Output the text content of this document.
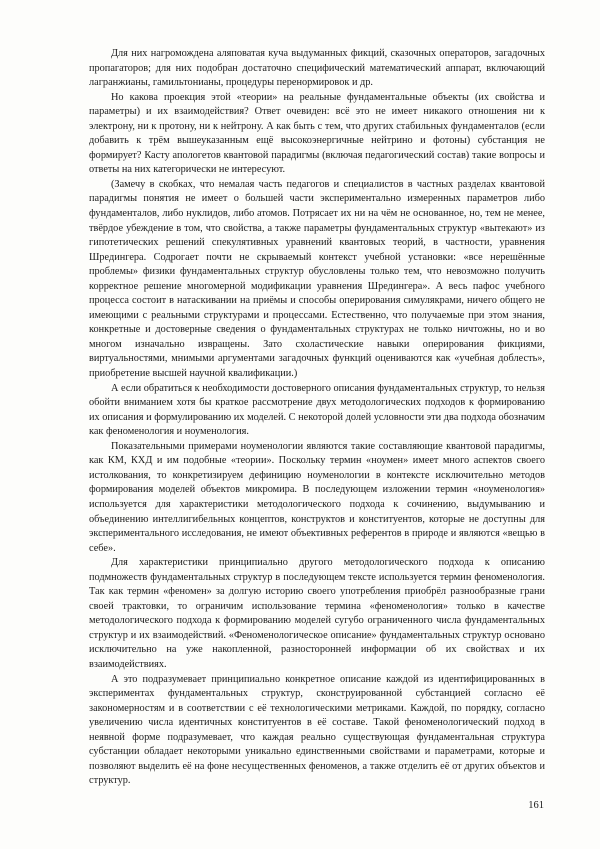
Для них нагромождена аляповатая куча выдуманных фикций, сказочных операторов, загадочных пропагаторов; для них подобран достаточно специфический математический аппарат, включающий лагранжианы, гамильтонианы, процедуры перенормировок и др.

Но какова проекция этой «теории» на реальные фундаментальные объекты (их свойства и параметры) и их взаимодействия? Ответ очевиден: всё это не имеет никакого отношения ни к электрону, ни к протону, ни к нейтрону. А как быть с тем, что других стабильных фундаменталов (если добавить к трём вышеуказанным ещё высокоэнергичные нейтрино и фотоны) субстанция не формирует? Касту апологетов квантовой парадигмы (включая педагогический состав) такие вопросы и ответы на них категорически не интересуют.

(Замечу в скобках, что немалая часть педагогов и специалистов в частных разделах квантовой парадигмы понятия не имеет о большей части экспериментально измеренных параметров либо фундаменталов, либо нуклидов, либо атомов. Потрясает их ни на чём не основанное, но, тем не менее, твёрдое убеждение в том, что свойства, а также параметры фундаментальных структур «вытекают» из гипотетических решений спекулятивных уравнений квантовых теорий, в частности, уравнения Шредингера. Содрогает почти не скрываемый контекст учебной установки: «все нерешённые проблемы» физики фундаментальных структур обусловлены только тем, что невозможно получить корректное решение многомерной модификации уравнения Шредингера». А весь пафос учебного процесса состоит в натаскивании на приёмы и способы оперирования симулякрами, ничего общего не имеющими с реальными структурами и процессами. Естественно, что получаемые при этом знания, конкретные и достоверные сведения о фундаментальных структурах не только ничтожны, но и во многом изначально извращены. Зато схоластические навыки оперирования фикциями, виртуальностями, мнимыми аргументами загадочных функций оцениваются как «учебная доблесть», приобретение высшей научной квалификации.)

А если обратиться к необходимости достоверного описания фундаментальных структур, то нельзя обойти вниманием хотя бы краткое рассмотрение двух методологических подходов к формированию их описания и формулированию их моделей. С некоторой долей условности эти два подхода обозначим как феноменология и ноуменология.

Показательными примерами ноуменологии являются такие составляющие квантовой парадигмы, как КМ, КХД и им подобные «теории». Поскольку термин «ноумен» имеет много аспектов своего истолкования, то конкретизируем дефиницию ноуменологии в контексте исключительно методов формирования моделей объектов микромира. В последующем изложении термин «ноуменология» используется для характеристики методологического подхода к сочинению, выдумыванию и объединению интеллигибельных концептов, конструктов и конституентов, которые не доступны для экспериментального исследования, не имеют объективных референтов в природе и являются «вещью в себе».

Для характеристики принципиально другого методологического подхода к описанию подмножеств фундаментальных структур в последующем тексте используется термин феноменология. Так как термин «феномен» за долгую историю своего употребления приобрёл разнообразные грани своей трактовки, то ограничим использование термина «феноменология» только в качестве методологического подхода к формированию моделей сугубо ограниченного числа фундаментальных структур и их взаимодействий. «Феноменологическое описание» фундаментальных структур основано исключительно на уже накопленной, разносторонней информации об их свойствах и их взаимодействиях.

А это подразумевает принципиально конкретное описание каждой из идентифицированных в экспериментах фундаментальных структур, сконструированной субстанцией согласно её закономерностям и в соответствии с её технологическими метриками. Каждой, по порядку, согласно увеличению числа идентичных конституентов в её составе. Такой феноменологический подход в неявной форме подразумевает, что каждая реально существующая фундаментальная структура субстанции обладает некоторыми уникально единственными свойствами и параметрами, которые и позволяют выделить её на фоне несущественных феноменов, а также отделить её от других объектов и структур.

161
